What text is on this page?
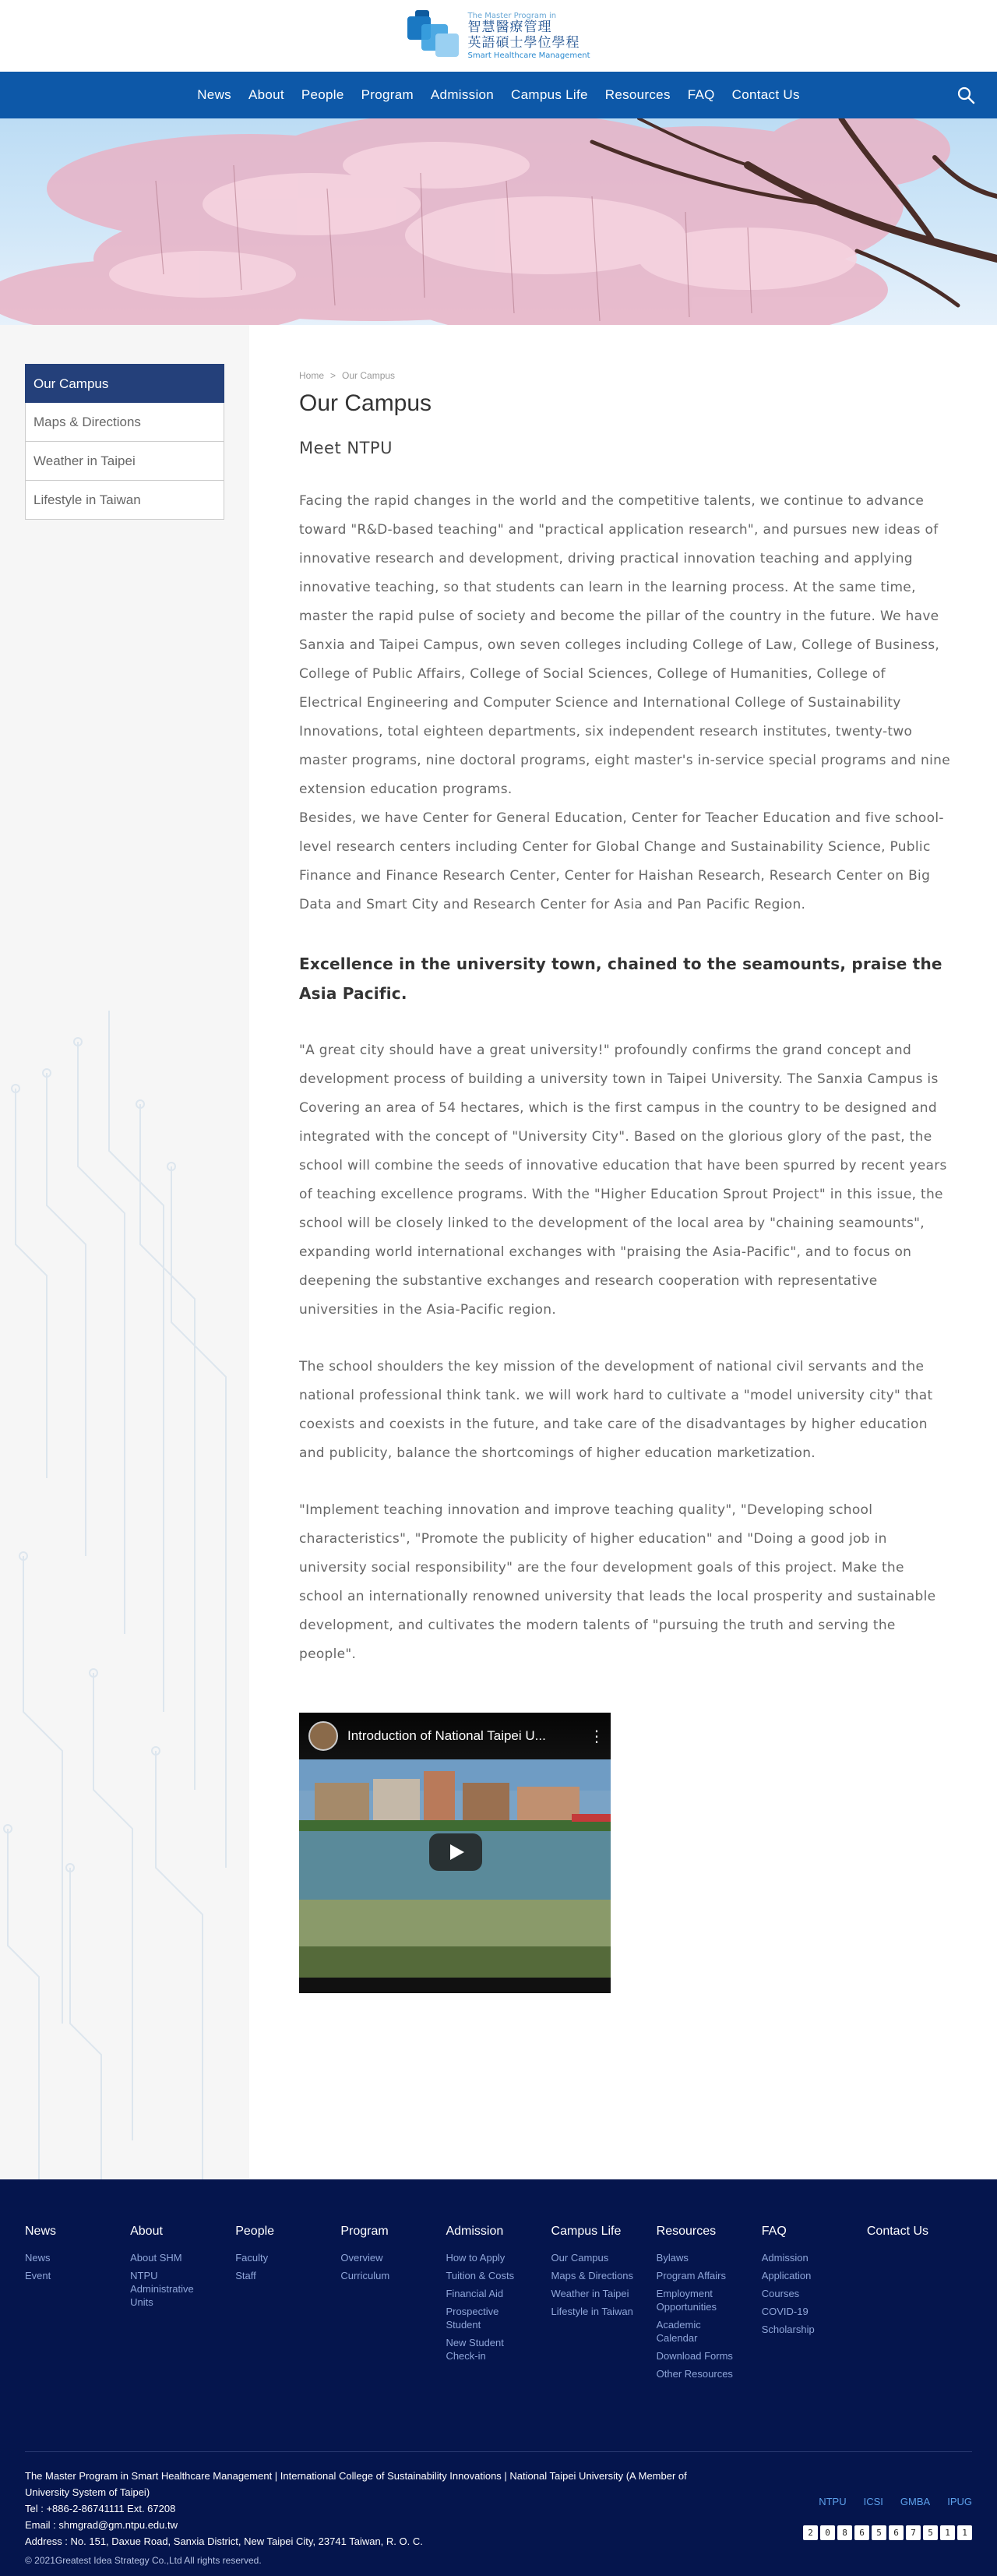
The Master Program in
智慧醫療管理
英語碩士學位學程
Smart Healthcare Management
News About People Program Admission Campus Life Resources FAQ Contact Us
Our Campus
Maps & Directions
Weather in Taipei
Lifestyle in Taiwan
Home > Our Campus
Our Campus
Meet NTPU

Facing the rapid changes in the world and the competitive talents, we continue to advance toward "R&D-based teaching" and "practical application research", and pursues new ideas of innovative research and development, driving practical innovation teaching and applying innovative teaching, so that students can learn in the learning process. At the same time, master the rapid pulse of society and become the pillar of the country in the future. We have Sanxia and Taipei Campus, own seven colleges including College of Law, College of Business, College of Public Affairs, College of Social Sciences, College of Humanities, College of Electrical Engineering and Computer Science and International College of Sustainability Innovations, total eighteen departments, six independent research institutes, twenty-two master programs, nine doctoral programs, eight master's in-service special programs and nine extension education programs.

Besides, we have Center for General Education, Center for Teacher Education and five school-level research centers including Center for Global Change and Sustainability Science, Public Finance and Finance Research Center, Center for Haishan Research, Research Center on Big Data and Smart City and Research Center for Asia and Pan Pacific Region.

Excellence in the university town, chained to the seamounts, praise the Asia Pacific.

"A great city should have a great university!" profoundly confirms the grand concept and development process of building a university town in Taipei University. The Sanxia Campus is Covering an area of 54 hectares, which is the first campus in the country to be designed and integrated with the concept of "University City". Based on the glorious glory of the past, the school will combine the seeds of innovative education that have been spurred by recent years of teaching excellence programs. With the "Higher Education Sprout Project" in this issue, the school will be closely linked to the development of the local area by "chaining seamounts", expanding world international exchanges with "praising the Asia-Pacific", and to focus on deepening the substantive exchanges and research cooperation with representative universities in the Asia-Pacific region.

The school shoulders the key mission of the development of national civil servants and the national professional think tank. we will work hard to cultivate a "model university city" that coexists and coexists in the future, and take care of the disadvantages by higher education and publicity, balance the shortcomings of higher education marketization.

"Implement teaching innovation and improve teaching quality", "Developing school characteristics", "Promote the publicity of higher education" and "Doing a good job in university social responsibility" are the four development goals of this project. Make the school an internationally renowned university that leads the local prosperity and sustainable development, and cultivates the modern talents of "pursuing the truth and serving the people".

Introduction of National Taipei U...	⋮
News
News
Event
About
About SHM
NTPU Administrative Units
People
Faculty
Staff
Program
Overview
Curriculum
Admission
How to Apply
Tuition & Costs
Financial Aid
Prospective Student
New Student Check-in
Campus Life
Our Campus
Maps & Directions
Weather in Taipei
Lifestyle in Taiwan
Resources
Bylaws
Program Affairs
Employment Opportunities
Academic Calendar
Download Forms
Other Resources
FAQ
Admission
Application
Courses
COVID-19
Scholarship
Contact Us
The Master Program in Smart Healthcare Management | International College of Sustainability Innovations | National Taipei University (A Member of University System of Taipei)
Tel : +886-2-86741111 Ext. 67208
Email : shmgrad@gm.ntpu.edu.tw
Address : No. 151, Daxue Road, Sanxia District, New Taipei City, 23741 Taiwan, R. O. C.
© 2021Greatest Idea Strategy Co.,Ltd All rights reserved.
NTPU ICSI GMBA IPUG
2	0	8	6	5	6	7	5	1	1
